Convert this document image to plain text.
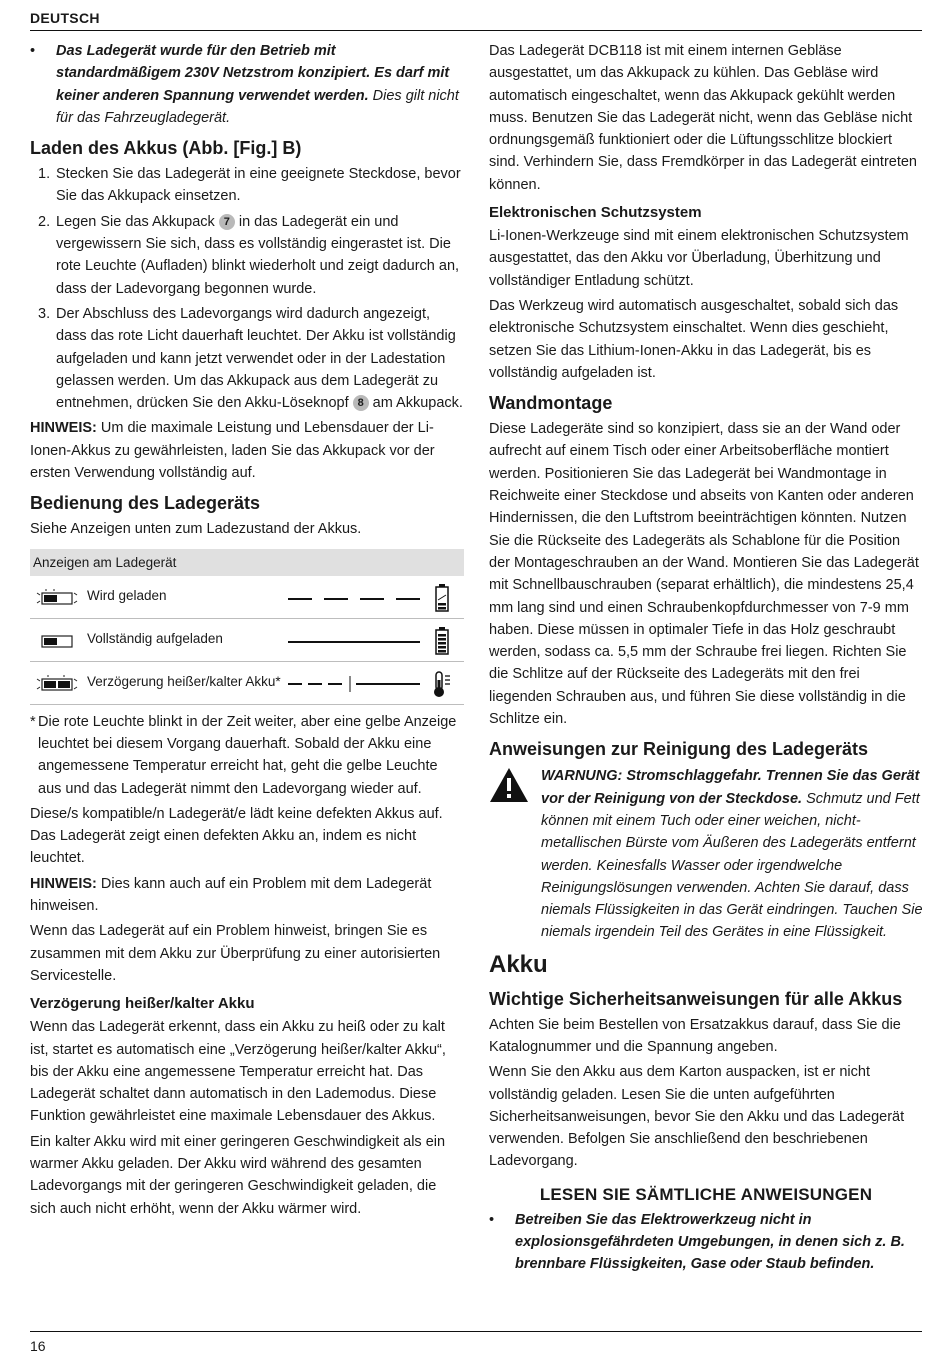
DEUTSCH
•	Das Ladegerät wurde für den Betrieb mit standardmäßigem 230V Netzstrom konzipiert. Es darf mit keiner anderen Spannung verwendet werden. Dies gilt nicht für das Fahrzeugladegerät.
Laden des Akkus (Abb. [Fig.] B)
1. Stecken Sie das Ladegerät in eine geeignete Steckdose, bevor Sie das Akkupack einsetzen.
2. Legen Sie das Akkupack 7 in das Ladegerät ein und vergewissern Sie sich, dass es vollständig eingerastet ist. Die rote Leuchte (Aufladen) blinkt wiederholt und zeigt dadurch an, dass der Ladevorgang begonnen wurde.
3. Der Abschluss des Ladevorgangs wird dadurch angezeigt, dass das rote Licht dauerhaft leuchtet. Der Akku ist vollständig aufgeladen und kann jetzt verwendet oder in der Ladestation gelassen werden. Um das Akkupack aus dem Ladegerät zu entnehmen, drücken Sie den Akku-Löseknopf 8 am Akkupack.

HINWEIS: Um die maximale Leistung und Lebensdauer der Li-Ionen-Akkus zu gewährleisten, laden Sie das Akkupack vor der ersten Verwendung vollständig auf.

Bedienung des Ladegeräts

Siehe Anzeigen unten zum Ladezustand der Akkus.

Anzeigen am Ladegerät
Wird geladen
Vollständig aufgeladen
Verzögerung heißer/kalter Akku*
* Die rote Leuchte blinkt in der Zeit weiter, aber eine gelbe Anzeige leuchtet bei diesem Vorgang dauerhaft. Sobald der Akku eine angemessene Temperatur erreicht hat, geht die gelbe Leuchte aus und das Ladegerät nimmt den Ladevorgang wieder auf.

Diese/s kompatible/n Ladegerät/e lädt keine defekten Akkus auf. Das Ladegerät zeigt einen defekten Akku an, indem es nicht leuchtet.

HINWEIS: Dies kann auch auf ein Problem mit dem Ladegerät hinweisen.

Wenn das Ladegerät auf ein Problem hinweist, bringen Sie es zusammen mit dem Akku zur Überprüfung zu einer autorisierten Servicestelle.

Verzögerung heißer/kalter Akku

Wenn das Ladegerät erkennt, dass ein Akku zu heiß oder zu kalt ist, startet es automatisch eine „Verzögerung heißer/kalter Akku“, bis der Akku eine angemessene Temperatur erreicht hat. Das Ladegerät schaltet dann automatisch in den Lademodus. Diese Funktion gewährleistet eine maximale Lebensdauer des Akkus.

Ein kalter Akku wird mit einer geringeren Geschwindigkeit als ein warmer Akku geladen. Der Akku wird während des gesamten Ladevorgangs mit der geringeren Geschwindigkeit geladen, die sich auch nicht erhöht, wenn der Akku wärmer wird.

Das Ladegerät DCB118 ist mit einem internen Gebläse ausgestattet, um das Akkupack zu kühlen. Das Gebläse wird automatisch eingeschaltet, wenn das Akkupack gekühlt werden muss. Benutzen Sie das Ladegerät nicht, wenn das Gebläse nicht ordnungsgemäß funktioniert oder die Lüftungsschlitze blockiert sind. Verhindern Sie, dass Fremdkörper in das Ladegerät eintreten können.

Elektronischen Schutzsystem

Li-Ionen-Werkzeuge sind mit einem elektronischen Schutzsystem ausgestattet, das den Akku vor Überladung, Überhitzung und vollständiger Entladung schützt.

Das Werkzeug wird automatisch ausgeschaltet, sobald sich das elektronische Schutzsystem einschaltet. Wenn dies geschieht, setzen Sie das Lithium-Ionen-Akku in das Ladegerät, bis es vollständig aufgeladen ist.

Wandmontage

Diese Ladegeräte sind so konzipiert, dass sie an der Wand oder aufrecht auf einem Tisch oder einer Arbeitsoberfläche montiert werden. Positionieren Sie das Ladegerät bei Wandmontage in Reichweite einer Steckdose und abseits von Kanten oder anderen Hindernissen, die den Luftstrom beeinträchtigen könnten. Nutzen Sie die Rückseite des Ladegeräts als Schablone für die Position der Montageschrauben an der Wand. Montieren Sie das Ladegerät mit Schnellbauschrauben (separat erhältlich), die mindestens 25,4 mm lang sind und einen Schraubenkopfdurchmesser von 7-9 mm haben. Diese müssen in optimaler Tiefe in das Holz geschraubt werden, sodass ca. 5,5 mm der Schraube frei liegen. Richten Sie die Schlitze auf der Rückseite des Ladegeräts mit den frei liegenden Schrauben aus, und führen Sie diese vollständig in die Schlitze ein.

Anweisungen zur Reinigung des Ladegeräts
WARNUNG: Stromschlaggefahr. Trennen Sie das Gerät vor der Reinigung von der Steckdose. Schmutz und Fett können mit einem Tuch oder einer weichen, nicht-metallischen Bürste vom Äußeren des Ladegeräts entfernt werden. Keinesfalls Wasser oder irgendwelche Reinigungslösungen verwenden. Achten Sie darauf, dass niemals Flüssigkeiten in das Gerät eindringen. Tauchen Sie niemals irgendein Teil des Gerätes in eine Flüssigkeit.
Akku
Wichtige Sicherheitsanweisungen für alle Akkus

Achten Sie beim Bestellen von Ersatzakkus darauf, dass Sie die Katalognummer und die Spannung angeben.

Wenn Sie den Akku aus dem Karton auspacken, ist er nicht vollständig geladen. Lesen Sie die unten aufgeführten Sicherheitsanweisungen, bevor Sie den Akku und das Ladegerät verwenden. Befolgen Sie anschließend den beschriebenen Ladevorgang.

LESEN SIE SÄMTLICHE ANWEISUNGEN
•	Betreiben Sie das Elektrowerkzeug nicht in explosionsgefährdeten Umgebungen, in denen sich z. B. brennbare Flüssigkeiten, Gase oder Staub befinden.
16
